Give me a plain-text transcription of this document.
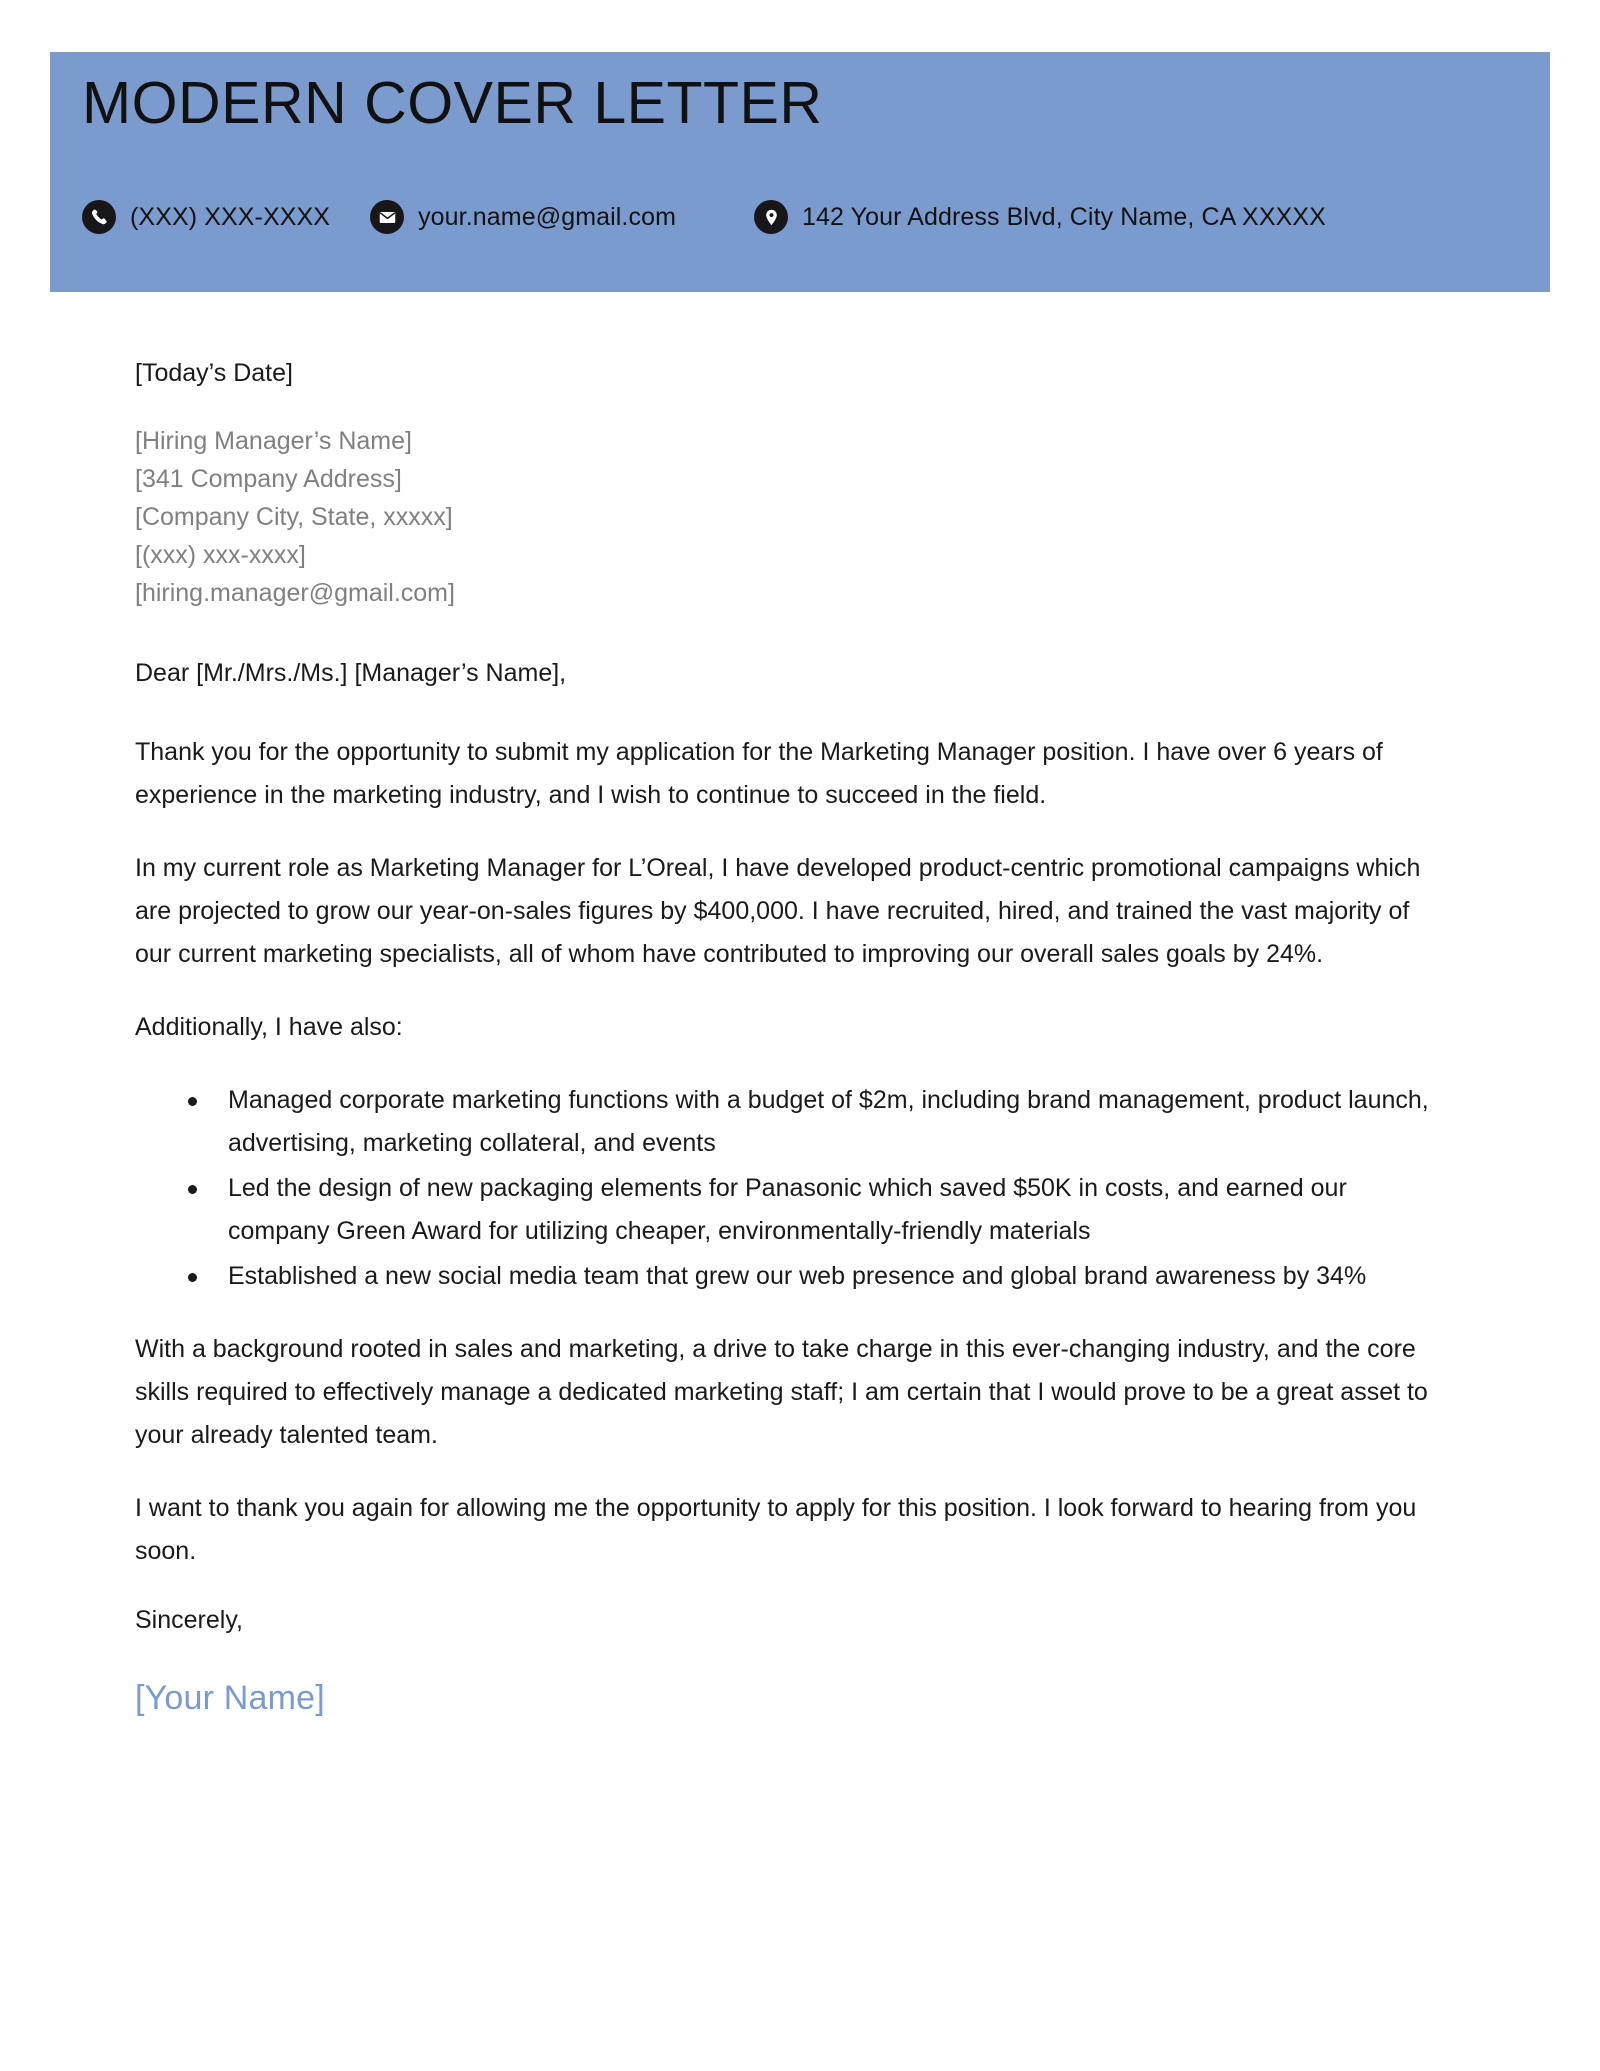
MODERN COVER LETTER
(XXX) XXX-XXXX	your.name@gmail.com	142 Your Address Blvd, City Name, CA XXXXX
[Today’s Date]
[Hiring Manager’s Name]
[341 Company Address]
[Company City, State, xxxxx]
[(xxx) xxx-xxxx]
[hiring.manager@gmail.com]
Dear [Mr./Mrs./Ms.] [Manager’s Name],

Thank you for the opportunity to submit my application for the Marketing Manager position. I have over 6 years of experience in the marketing industry, and I wish to continue to succeed in the field.

In my current role as Marketing Manager for L’Oreal, I have developed product-centric promotional campaigns which are projected to grow our year-on-sales figures by $400,000. I have recruited, hired, and trained the vast majority of our current marketing specialists, all of whom have contributed to improving our overall sales goals by 24%.

Additionally, I have also:

Managed corporate marketing functions with a budget of $2m, including brand management, product launch, advertising, marketing collateral, and events
Led the design of new packaging elements for Panasonic which saved $50K in costs, and earned our company Green Award for utilizing cheaper, environmentally-friendly materials
Established a new social media team that grew our web presence and global brand awareness by 34%

With a background rooted in sales and marketing, a drive to take charge in this ever-changing industry, and the core skills required to effectively manage a dedicated marketing staff; I am certain that I would prove to be a great asset to your already talented team.

I want to thank you again for allowing me the opportunity to apply for this position. I look forward to hearing from you soon.

Sincerely,
[Your Name]
